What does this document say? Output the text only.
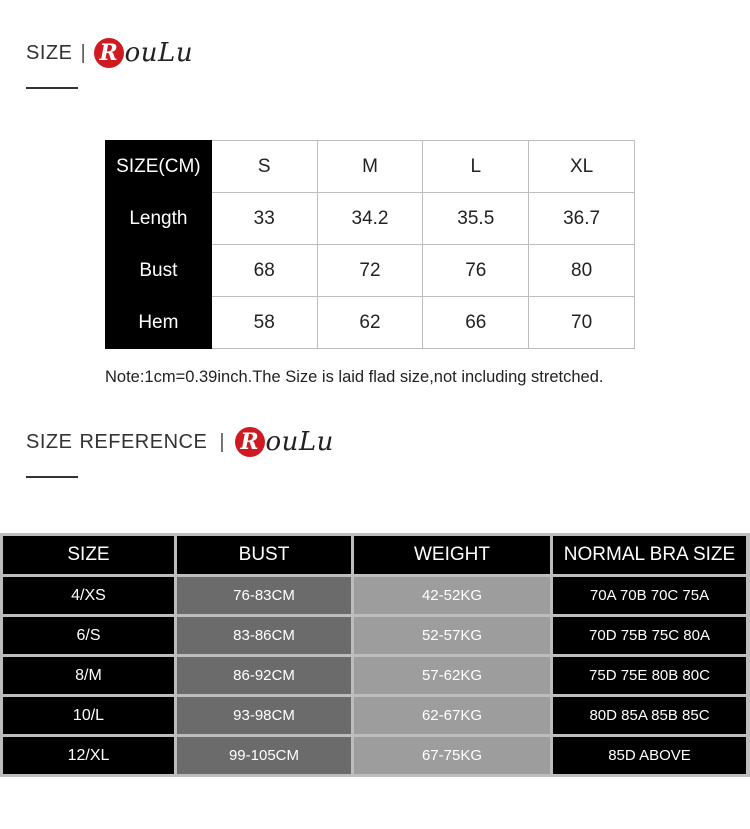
SIZE | R ouLu
SIZE(CM)	S	M	L	XL
Length	33	34.2	35.5	36.7
Bust	68	72	76	80
Hem	58	62	66	70
Note:1cm=0.39inch.The Size is laid flad size,not including stretched.
SIZE REFERENCE | R ouLu
SIZE	BUST	WEIGHT	NORMAL BRA SIZE
4/XS	76-83CM	42-52KG	70A 70B 70C 75A
6/S	83-86CM	52-57KG	70D 75B 75C 80A
8/M	86-92CM	57-62KG	75D 75E 80B 80C
10/L	93-98CM	62-67KG	80D 85A 85B 85C
12/XL	99-105CM	67-75KG	85D ABOVE
